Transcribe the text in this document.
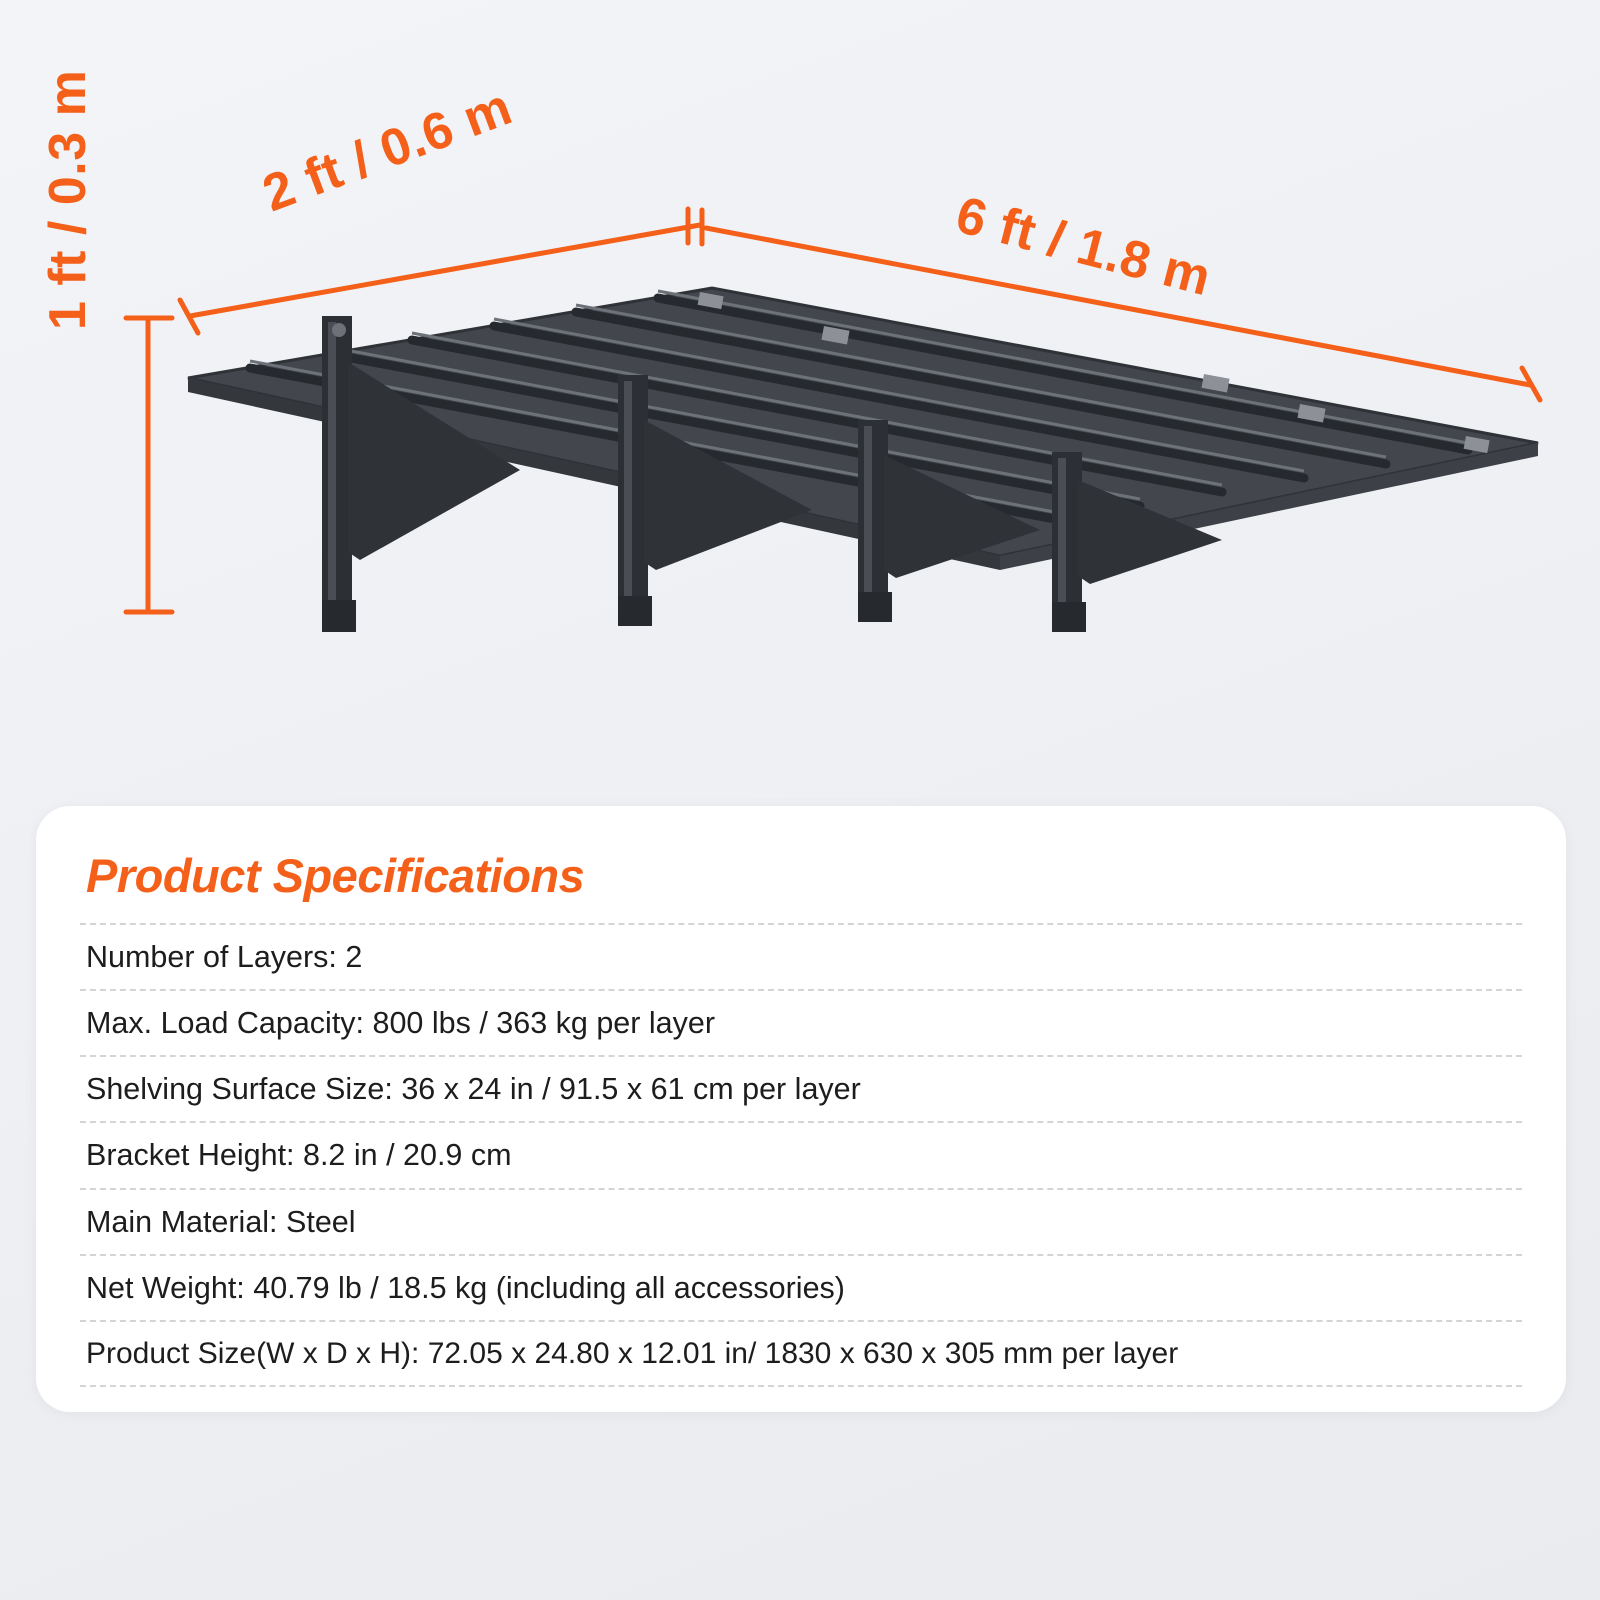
2 ft / 0.6 m
6 ft / 1.8 m
1 ft / 0.3 m
Product Specifications
Number of Layers: 2
Max. Load Capacity: 800 lbs / 363 kg per layer
Shelving Surface Size: 36 x 24 in / 91.5 x 61 cm per layer
Bracket Height: 8.2 in / 20.9 cm
Main Material: Steel
Net Weight: 40.79 lb / 18.5 kg (including all accessories)
Product Size(W x D x H): 72.05 x 24.80 x 12.01 in/ 1830 x 630 x 305 mm per layer
